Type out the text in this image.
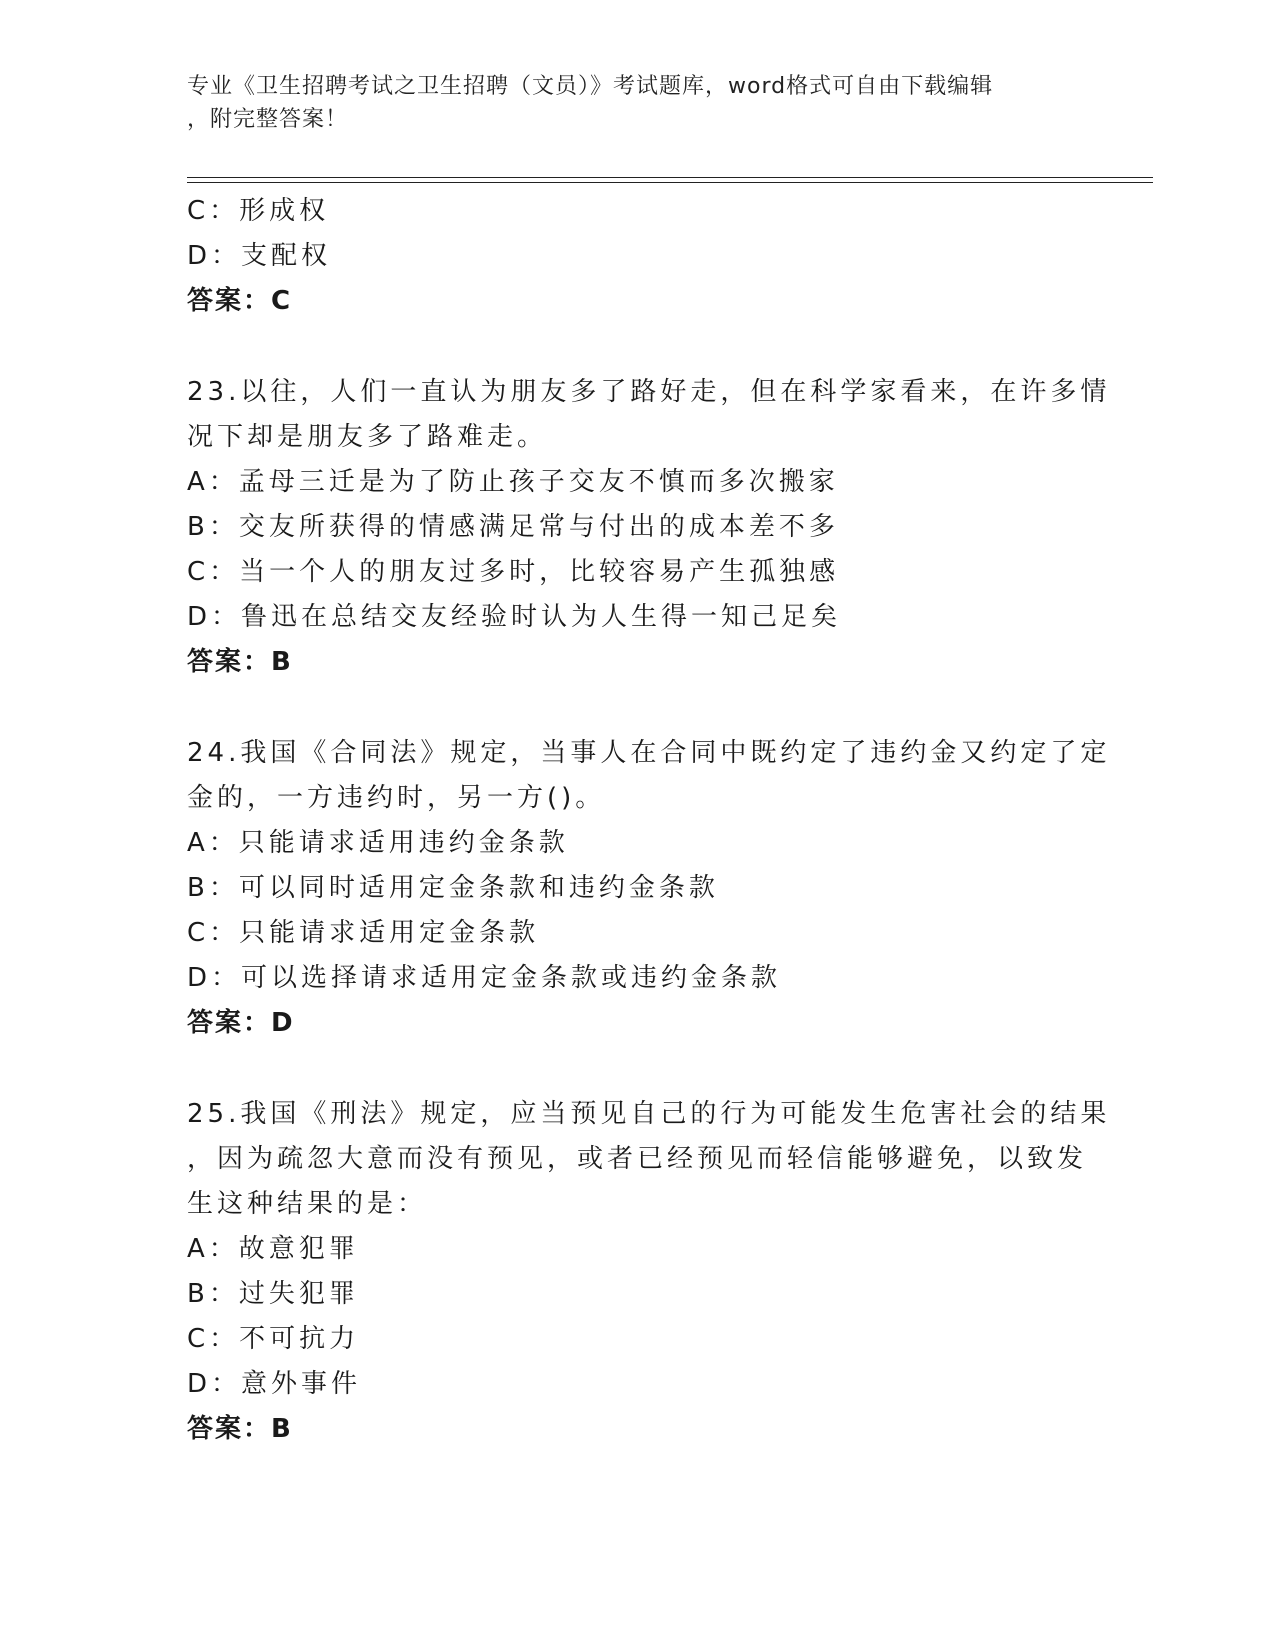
专业《卫生招聘考试之卫生招聘（文员）》考试题库，word格式可自由下载编辑
，附完整答案！
C：形成权
D：支配权
答案：C
23.以往，人们一直认为朋友多了路好走，但在科学家看来，在许多情
况下却是朋友多了路难走。
A：孟母三迁是为了防止孩子交友不慎而多次搬家
B：交友所获得的情感满足常与付出的成本差不多
C：当一个人的朋友过多时，比较容易产生孤独感
D：鲁迅在总结交友经验时认为人生得一知己足矣
答案：B
24.我国《合同法》规定，当事人在合同中既约定了违约金又约定了定
金的，一方违约时，另一方()。
A：只能请求适用违约金条款
B：可以同时适用定金条款和违约金条款
C：只能请求适用定金条款
D：可以选择请求适用定金条款或违约金条款
答案：D
25.我国《刑法》规定，应当预见自己的行为可能发生危害社会的结果
，因为疏忽大意而没有预见，或者已经预见而轻信能够避免，以致发
生这种结果的是：
A：故意犯罪
B：过失犯罪
C：不可抗力
D：意外事件
答案：B
